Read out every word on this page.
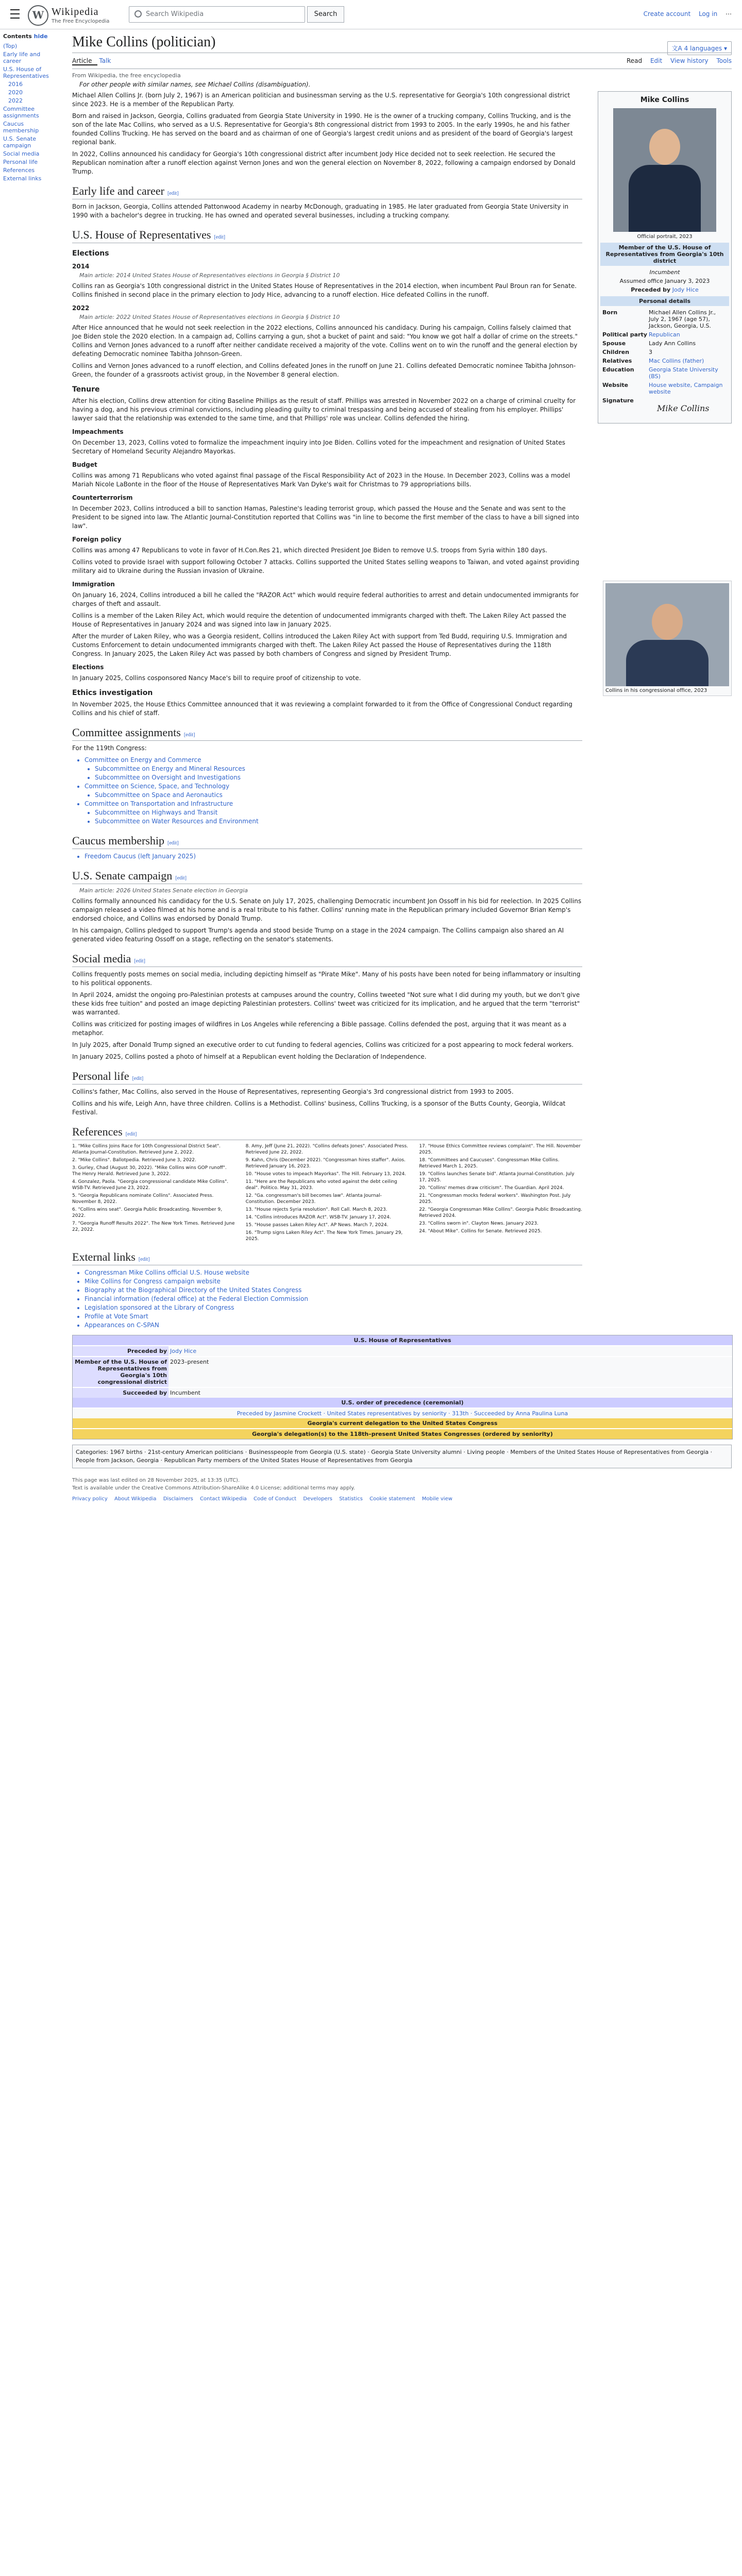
W Wikipedia
The Free Encyclopedia
Search Wikipedia	Search	Create account Log in ⋯
Contents hide
(Top)
Early life and career
U.S. House of Representatives
2016
2020
2022
Committee assignments
Caucus membership
U.S. Senate campaign
Social media
Personal life
References
External links
Mike Collins (politician)	文A 4 languages ▾
Article Talk	Read Edit View history Tools
From Wikipedia, the free encyclopedia
For other people with similar names, see Michael Collins (disambiguation).
Mike Collins
Official portrait, 2023
Member of the U.S. House of Representatives from Georgia's 10th district
Incumbent
Assumed office January 3, 2023
Preceded by Jody Hice
Personal details
Born	Michael Allen Collins Jr., July 2, 1967 (age 57), Jackson, Georgia, U.S.
Political party Republican
Spouse	Lady Ann Collins
Children	3
Relatives	Mac Collins (father)
Education	Georgia State University (BS)
Website	House website, Campaign website
Signature
Mike Collins

Michael Allen Collins Jr. (born July 2, 1967) is an American politician and businessman serving as the U.S. representative for Georgia's 10th congressional district since 2023. He is a member of the Republican Party.

Born and raised in Jackson, Georgia, Collins graduated from Georgia State University in 1990. He is the owner of a trucking company, Collins Trucking, and is the son of the late Mac Collins, who served as a U.S. Representative for Georgia's 8th congressional district from 1993 to 2005. In the early 1990s, he and his father founded Collins Trucking. He has served on the board and as chairman of one of Georgia's largest credit unions and as president of the board of Georgia's largest regional bank.

In 2022, Collins announced his candidacy for Georgia's 10th congressional district after incumbent Jody Hice decided not to seek reelection. He secured the Republican nomination after a runoff election against Vernon Jones and won the general election on November 8, 2022, following a campaign endorsed by Donald Trump.

Early life and career [edit]

Born in Jackson, Georgia, Collins attended Pattonwood Academy in nearby McDonough, graduating in 1985. He later graduated from Georgia State University in 1990 with a bachelor's degree in trucking. He has owned and operated several businesses, including a trucking company.

U.S. House of Representatives [edit]
Elections
2014
Main article: 2014 United States House of Representatives elections in Georgia § District 10

Collins ran as Georgia's 10th congressional district in the United States House of Representatives in the 2014 election, when incumbent Paul Broun ran for Senate. Collins finished in second place in the primary election to Jody Hice, advancing to a runoff election. Hice defeated Collins in the runoff.

2022
Main article: 2022 United States House of Representatives elections in Georgia § District 10

After Hice announced that he would not seek reelection in the 2022 elections, Collins announced his candidacy. During his campaign, Collins falsely claimed that Joe Biden stole the 2020 election. In a campaign ad, Collins carrying a gun, shot a bucket of paint and said: "You know we got half a dollar of crime on the streets." Collins and Vernon Jones advanced to a runoff after neither candidate received a majority of the vote. Collins went on to win the runoff and the general election by defeating Democratic nominee Tabitha Johnson-Green.

Collins and Vernon Jones advanced to a runoff election, and Collins defeated Jones in the runoff on June 21. Collins defeated Democratic nominee Tabitha Johnson-Green, the founder of a grassroots activist group, in the November 8 general election.

Tenure

After his election, Collins drew attention for citing Baseline Phillips as the result of staff. Phillips was arrested in November 2022 on a charge of criminal cruelty for having a dog, and his previous criminal convictions, including pleading guilty to criminal trespassing and being accused of stealing from his employer. Phillips' lawyer said that the relationship was extended to the same time, and that Phillips' role was unclear. Collins defended the hiring.

Impeachments

On December 13, 2023, Collins voted to formalize the impeachment inquiry into Joe Biden. Collins voted for the impeachment and resignation of United States Secretary of Homeland Security Alejandro Mayorkas.

Budget

Collins was among 71 Republicans who voted against final passage of the Fiscal Responsibility Act of 2023 in the House. In December 2023, Collins was a model Mariah Nicole LaBonte in the floor of the House of Representatives Mark Van Dyke's wait for Christmas to 79 appropriations bills.

Counterterrorism

In December 2023, Collins introduced a bill to sanction Hamas, Palestine's leading terrorist group, which passed the House and the Senate and was sent to the President to be signed into law. The Atlantic Journal-Constitution reported that Collins was "in line to become the first member of the class to have a bill signed into law".

Foreign policy

Collins was among 47 Republicans to vote in favor of H.Con.Res 21, which directed President Joe Biden to remove U.S. troops from Syria within 180 days.

Collins voted to provide Israel with support following October 7 attacks. Collins supported the United States selling weapons to Taiwan, and voted against providing military aid to Ukraine during the Russian invasion of Ukraine.

Collins in his congressional office, 2023
Immigration

On January 16, 2024, Collins introduced a bill he called the "RAZOR Act" which would require federal authorities to arrest and detain undocumented immigrants for charges of theft and assault.

Collins is a member of the Laken Riley Act, which would require the detention of undocumented immigrants charged with theft. The Laken Riley Act passed the House of Representatives in January 2024 and was signed into law in January 2025.

After the murder of Laken Riley, who was a Georgia resident, Collins introduced the Laken Riley Act with support from Ted Budd, requiring U.S. Immigration and Customs Enforcement to detain undocumented immigrants charged with theft. The Laken Riley Act passed the House of Representatives during the 118th Congress. In January 2025, the Laken Riley Act was passed by both chambers of Congress and signed by President Trump.

Elections

In January 2025, Collins cosponsored Nancy Mace's bill to require proof of citizenship to vote.

Ethics investigation

In November 2025, the House Ethics Committee announced that it was reviewing a complaint forwarded to it from the Office of Congressional Conduct regarding Collins and his chief of staff.

Committee assignments [edit]

For the 119th Congress:

• Committee on Energy and Commerce
• Subcommittee on Energy and Mineral Resources
• Subcommittee on Oversight and Investigations
• Committee on Science, Space, and Technology
• Subcommittee on Space and Aeronautics
• Committee on Transportation and Infrastructure
• Subcommittee on Highways and Transit
• Subcommittee on Water Resources and Environment
Caucus membership [edit]
• Freedom Caucus (left January 2025)
U.S. Senate campaign [edit]
Main article: 2026 United States Senate election in Georgia

Collins formally announced his candidacy for the U.S. Senate on July 17, 2025, challenging Democratic incumbent Jon Ossoff in his bid for reelection. In 2025 Collins campaign released a video filmed at his home and is a real tribute to his father. Collins' running mate in the Republican primary included Governor Brian Kemp's endorsed choice, and Collins was endorsed by Donald Trump.

In his campaign, Collins pledged to support Trump's agenda and stood beside Trump on a stage in the 2024 campaign. The Collins campaign also shared an AI generated video featuring Ossoff on a stage, reflecting on the senator's statements.

Social media [edit]

Collins frequently posts memes on social media, including depicting himself as "Pirate Mike". Many of his posts have been noted for being inflammatory or insulting to his political opponents.

In April 2024, amidst the ongoing pro-Palestinian protests at campuses around the country, Collins tweeted "Not sure what I did during my youth, but we don't give these kids free tuition" and posted an image depicting Palestinian protesters. Collins' tweet was criticized for its implication, and he argued that the term "terrorist" was warranted.

Collins was criticized for posting images of wildfires in Los Angeles while referencing a Bible passage. Collins defended the post, arguing that it was meant as a metaphor.

In July 2025, after Donald Trump signed an executive order to cut funding to federal agencies, Collins was criticized for a post appearing to mock federal workers.

In January 2025, Collins posted a photo of himself at a Republican event holding the Declaration of Independence.

Personal life [edit]

Collins's father, Mac Collins, also served in the House of Representatives, representing Georgia's 3rd congressional district from 1993 to 2005.

Collins and his wife, Leigh Ann, have three children. Collins is a Methodist. Collins' business, Collins Trucking, is a sponsor of the Butts County, Georgia, Wildcat Festival.

References [edit]
1. "Mike Collins Joins Race for 10th Congressional District Seat". Atlanta Journal-Constitution. Retrieved June 2, 2022.
2. "Mike Collins". Ballotpedia. Retrieved June 3, 2022.
3. Gurley, Chad (August 30, 2022). "Mike Collins wins GOP runoff". The Henry Herald. Retrieved June 3, 2022.
4. Gonzalez, Paola. "Georgia congressional candidate Mike Collins". WSB-TV. Retrieved June 23, 2022.
5. "Georgia Republicans nominate Collins". Associated Press. November 8, 2022.
6. "Collins wins seat". Georgia Public Broadcasting. November 9, 2022.
7. "Georgia Runoff Results 2022". The New York Times. Retrieved June 22, 2022.
8. Amy, Jeff (June 21, 2022). "Collins defeats Jones". Associated Press. Retrieved June 22, 2022.
9. Kahn, Chris (December 2022). "Congressman hires staffer". Axios. Retrieved January 16, 2023.
10. "House votes to impeach Mayorkas". The Hill. February 13, 2024.
11. "Here are the Republicans who voted against the debt ceiling deal". Politico. May 31, 2023.
12. "Ga. congressman's bill becomes law". Atlanta Journal-Constitution. December 2023.
13. "House rejects Syria resolution". Roll Call. March 8, 2023.
14. "Collins introduces RAZOR Act". WSB-TV. January 17, 2024.
15. "House passes Laken Riley Act". AP News. March 7, 2024.
16. "Trump signs Laken Riley Act". The New York Times. January 29, 2025.
17. "House Ethics Committee reviews complaint". The Hill. November 2025.
18. "Committees and Caucuses". Congressman Mike Collins. Retrieved March 1, 2025.
19. "Collins launches Senate bid". Atlanta Journal-Constitution. July 17, 2025.
20. "Collins' memes draw criticism". The Guardian. April 2024.
21. "Congressman mocks federal workers". Washington Post. July 2025.
22. "Georgia Congressman Mike Collins". Georgia Public Broadcasting. Retrieved 2024.
23. "Collins sworn in". Clayton News. January 2023.
24. "About Mike". Collins for Senate. Retrieved 2025.
External links [edit]
• Congressman Mike Collins official U.S. House website
• Mike Collins for Congress campaign website
• Biography at the Biographical Directory of the United States Congress
• Financial information (federal office) at the Federal Election Commission
• Legislation sponsored at the Library of Congress
• Profile at Vote Smart
• Appearances on C-SPAN
U.S. House of Representatives
Preceded by Jody Hice
Member of the U.S. House of Representatives from Georgia's 10th congressional district
2023–present
Succeeded by Incumbent
U.S. order of precedence (ceremonial)
Preceded by Jasmine Crockett · United States representatives by seniority · 313th · Succeeded by Anna Paulina Luna
Georgia's current delegation to the United States Congress
Georgia's delegation(s) to the 118th–present United States Congresses (ordered by seniority)
Categories: 1967 births · 21st-century American politicians · Businesspeople from Georgia (U.S. state) · Georgia State University alumni · Living people · Members of the United States House of Representatives from Georgia · People from Jackson, Georgia · Republican Party members of the United States House of Representatives from Georgia
This page was last edited on 28 November 2025, at 13:35 (UTC).
Text is available under the Creative Commons Attribution-ShareAlike 4.0 License; additional terms may apply.
Privacy policy About Wikipedia Disclaimers Contact Wikipedia Code of Conduct Developers Statistics Cookie statement Mobile view
